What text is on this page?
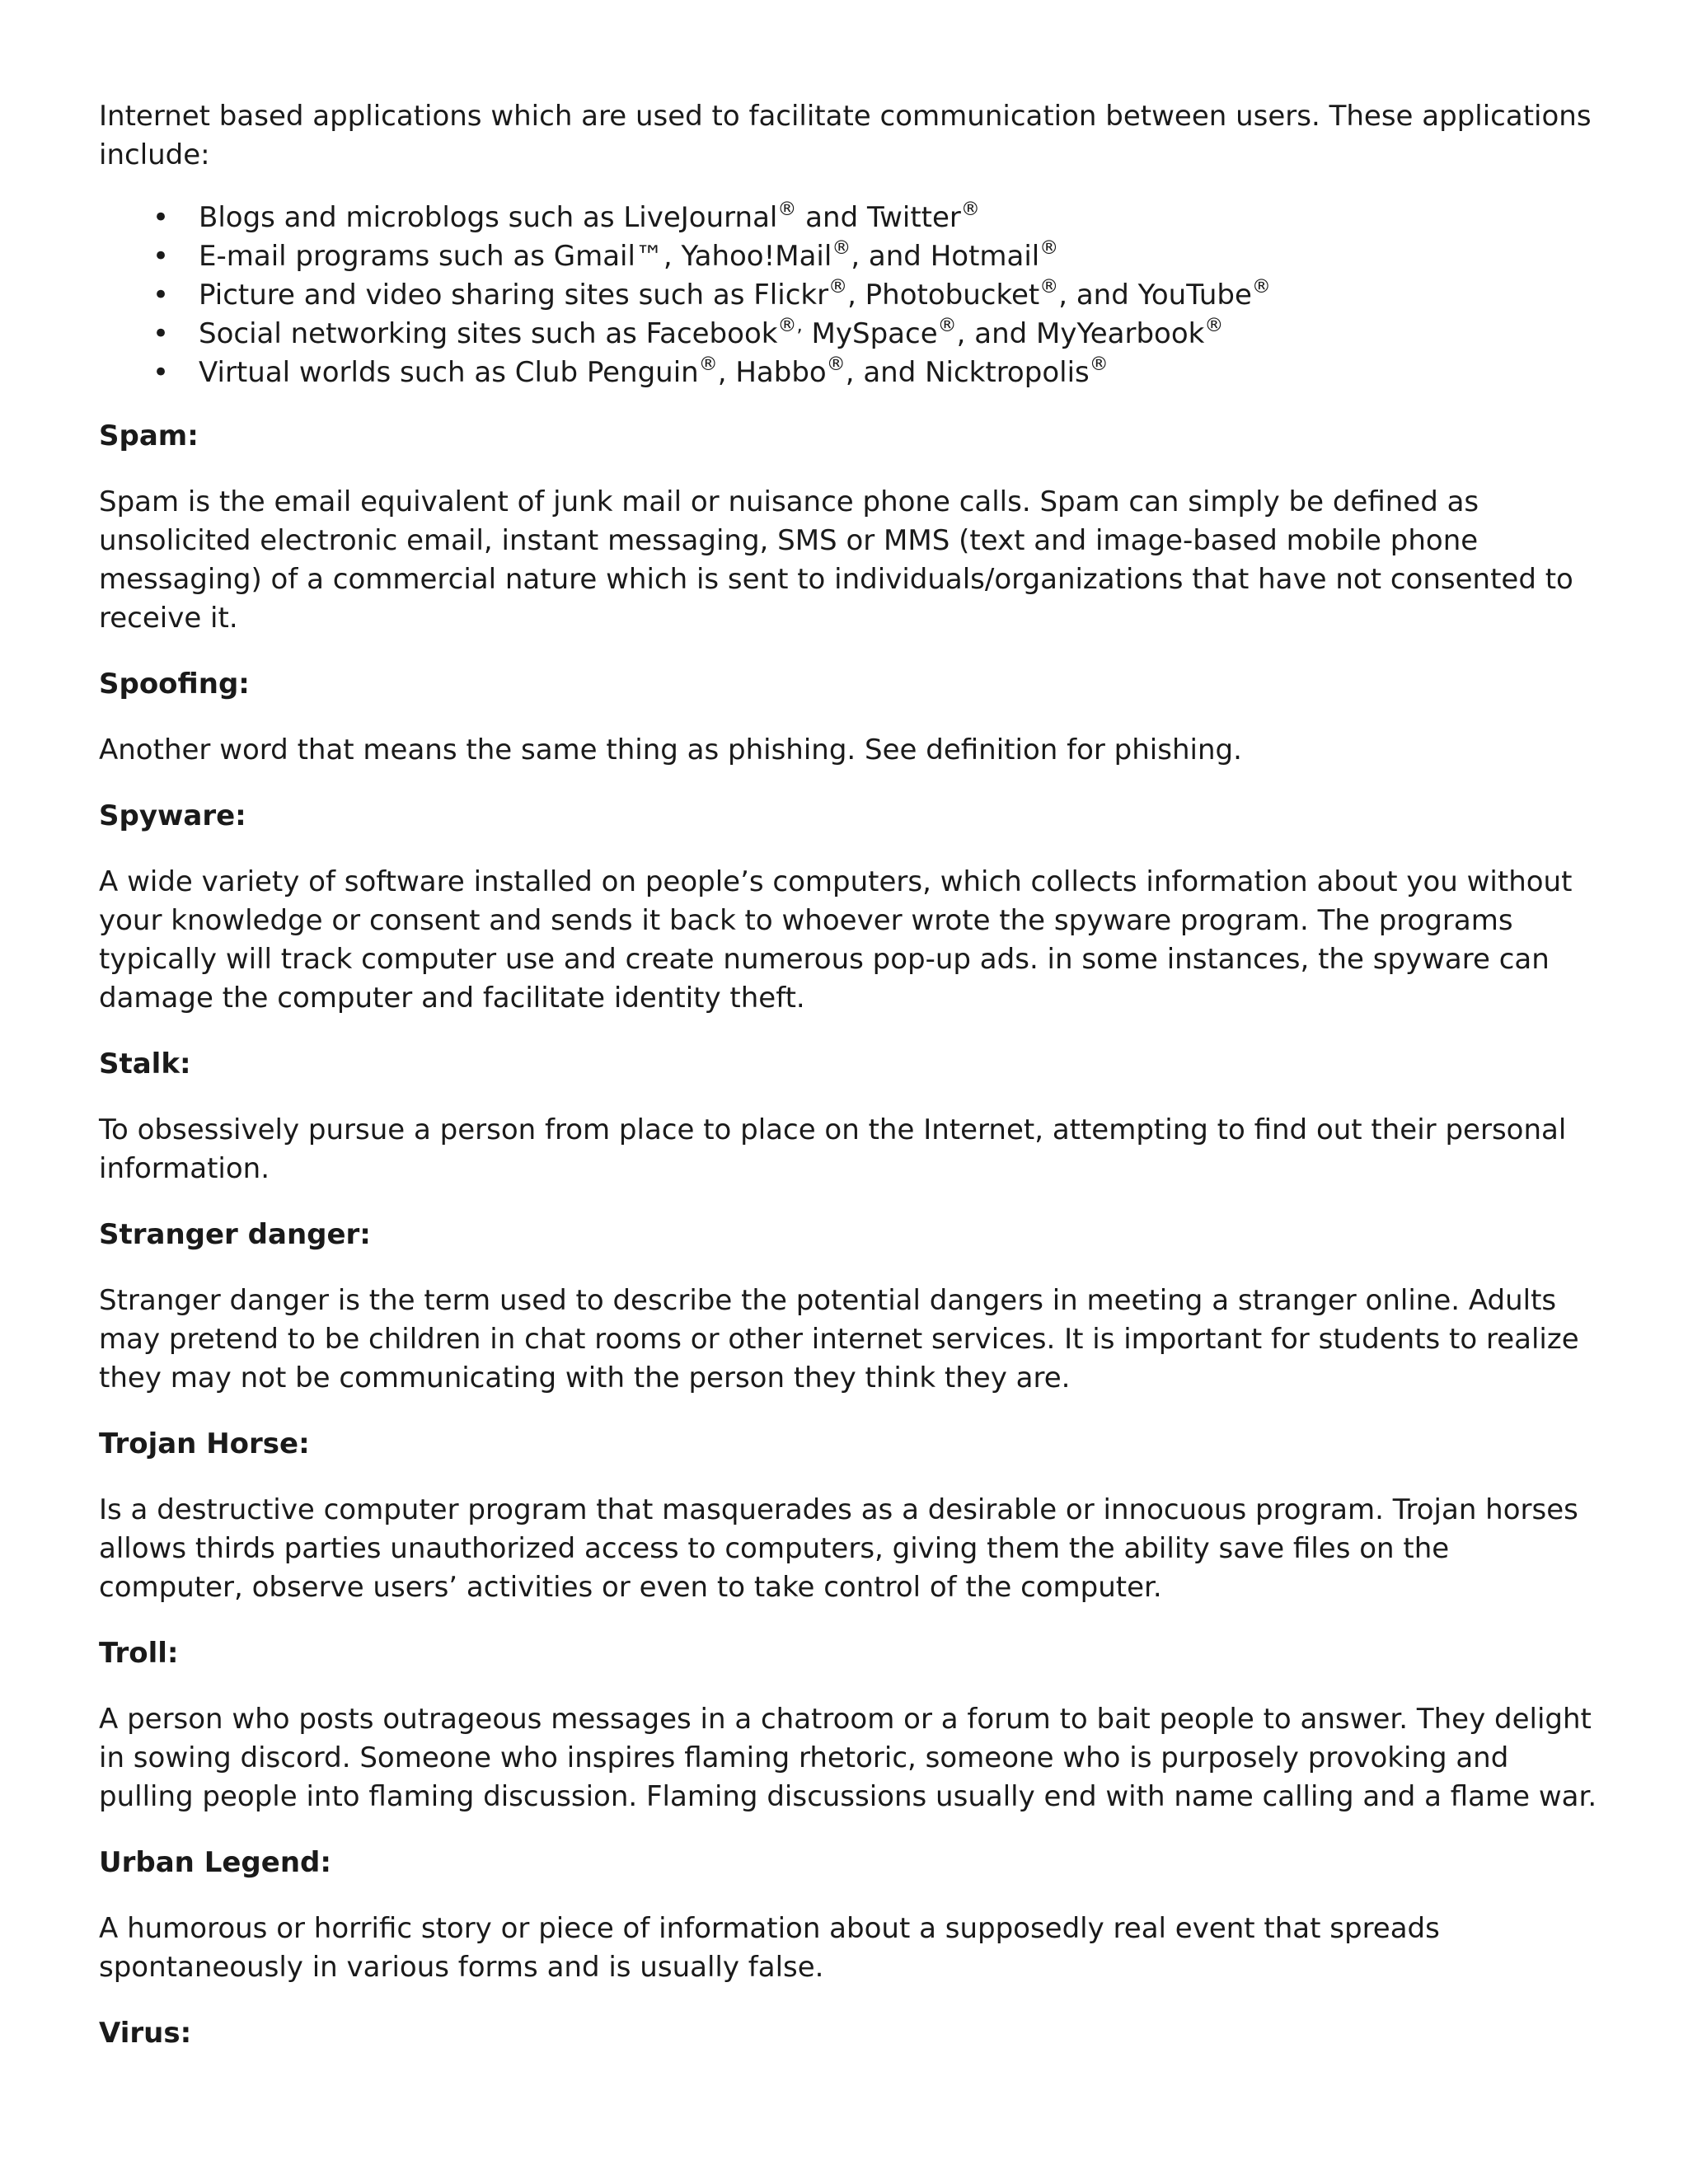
Internet based applications which are used to facilitate communication between users. These applications include:

• Blogs and microblogs such as LiveJournal® and Twitter®
• E-mail programs such as Gmail™, Yahoo!Mail®, and Hotmail®
• Picture and video sharing sites such as Flickr®, Photobucket®, and YouTube®
• Social networking sites such as Facebook®, MySpace®, and MyYearbook®
• Virtual worlds such as Club Penguin®, Habbo®, and Nicktropolis®

Spam:

Spam is the email equivalent of junk mail or nuisance phone calls. Spam can simply be defined as unsolicited electronic email, instant messaging, SMS or MMS (text and image-based mobile phone messaging) of a commercial nature which is sent to individuals/organizations that have not consented to receive it.

Spoofing:

Another word that means the same thing as phishing. See definition for phishing.

Spyware:

A wide variety of software installed on people’s computers, which collects information about you without your knowledge or consent and sends it back to whoever wrote the spyware program. The programs typically will track computer use and create numerous pop-up ads. in some instances, the spyware can damage the computer and facilitate identity theft.

Stalk:

To obsessively pursue a person from place to place on the Internet, attempting to find out their personal information.

Stranger danger:

Stranger danger is the term used to describe the potential dangers in meeting a stranger online. Adults may pretend to be children in chat rooms or other internet services. It is important for students to realize they may not be communicating with the person they think they are.

Trojan Horse:

Is a destructive computer program that masquerades as a desirable or innocuous program. Trojan horses allows thirds parties unauthorized access to computers, giving them the ability save files on the computer, observe users’ activities or even to take control of the computer.

Troll:

A person who posts outrageous messages in a chatroom or a forum to bait people to answer. They delight in sowing discord. Someone who inspires flaming rhetoric, someone who is purposely provoking and pulling people into flaming discussion. Flaming discussions usually end with name calling and a flame war.

Urban Legend:

A humorous or horrific story or piece of information about a supposedly real event that spreads spontaneously in various forms and is usually false.

Virus:
